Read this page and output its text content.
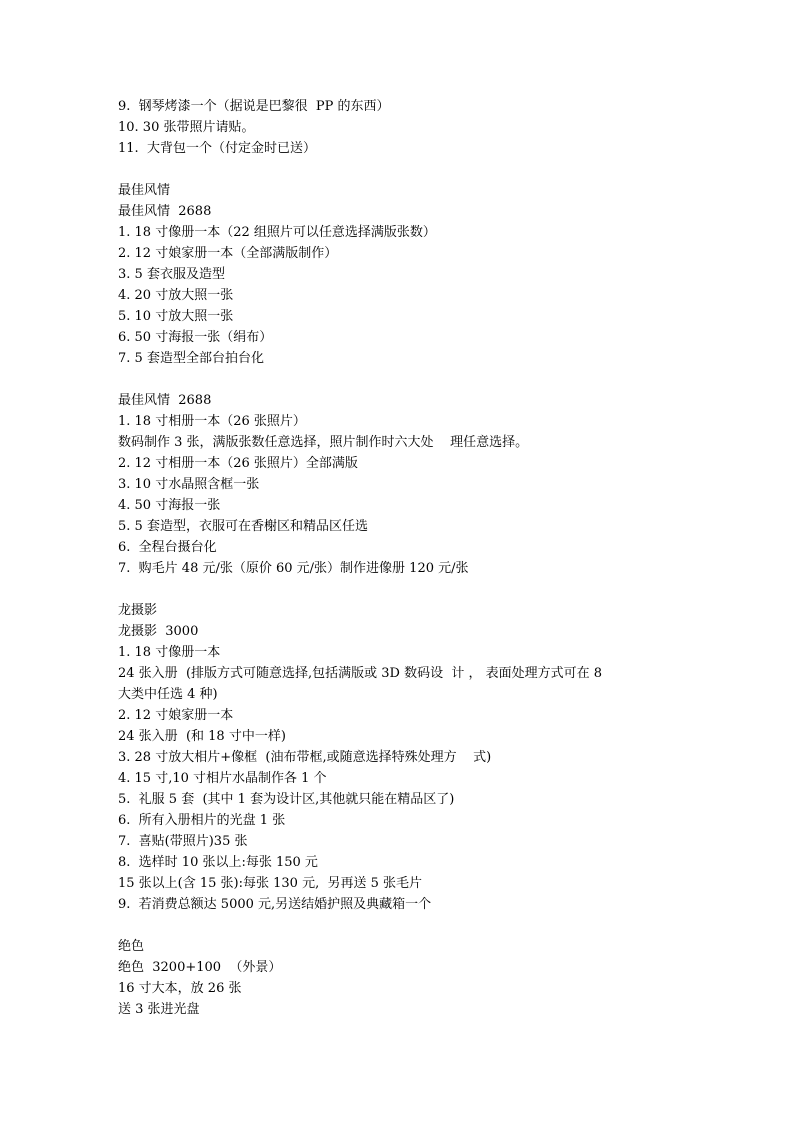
9.  钢琴烤漆一个（据说是巴黎很  PP 的东西）
10. 30 张带照片请贴。
11.  大背包一个（付定金时已送）
最佳风情
最佳风情  2688
1. 18 寸像册一本（22 组照片可以任意选择满版张数）
2. 12 寸娘家册一本（全部满版制作）
3. 5 套衣服及造型
4. 20 寸放大照一张
5. 10 寸放大照一张
6. 50 寸海报一张（绢布）
7. 5 套造型全部台拍台化
最佳风情  2688
1. 18 寸相册一本（26 张照片）
数码制作 3 张，满版张数任意选择，照片制作时六大处    理任意选择。
2. 12 寸相册一本（26 张照片）全部满版
3. 10 寸水晶照含框一张
4. 50 寸海报一张
5. 5 套造型，衣服可在香榭区和精品区任选
6.  全程台摄台化
7.  购毛片 48 元/张（原价 60 元/张）制作进像册 120 元/张
龙摄影
龙摄影  3000
1. 18 寸像册一本
24 张入册  (排版方式可随意选择,包括满版或 3D 数码设  计 ， 表面处理方式可在 8
大类中任选 4 种)
2. 12 寸娘家册一本
24 张入册  (和 18 寸中一样)
3. 28 寸放大相片+像框  (油布带框,或随意选择特殊处理方    式)
4. 15 寸,10 寸相片水晶制作各 1 个
5.  礼服 5 套  (其中 1 套为设计区,其他就只能在精品区了)
6.  所有入册相片的光盘 1 张
7.  喜贴(带照片)35 张
8.  选样时 10 张以上:每张 150 元
15 张以上(含 15 张):每张 130 元,  另再送 5 张毛片
9.  若消费总额达 5000 元,另送结婚护照及典藏箱一个
绝色
绝色  3200+100  （外景）
16 寸大本，放 26 张
送 3 张进光盘
